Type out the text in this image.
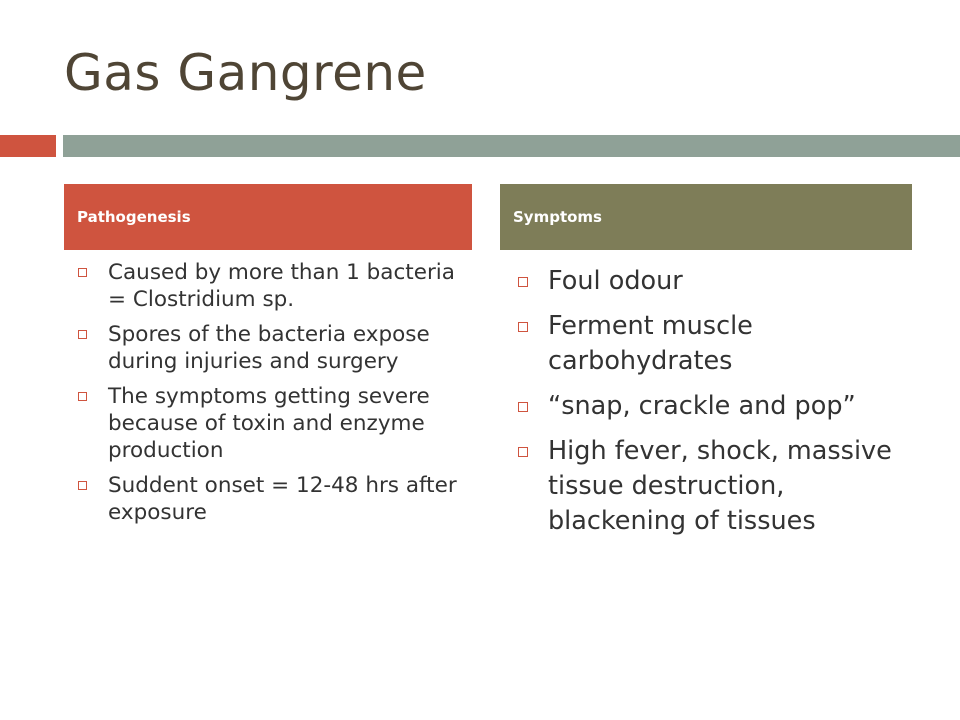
Gas Gangrene
Pathogenesis	Symptoms
Caused by more than 1 bacteria = Clostridium sp.
Spores of the bacteria expose during injuries and surgery
The symptoms getting severe because of toxin and enzyme production
Suddent onset = 12-48 hrs after exposure
Foul odour
Ferment muscle carbohydrates
“snap, crackle and pop”
High fever, shock, massive tissue destruction, blackening of tissues
